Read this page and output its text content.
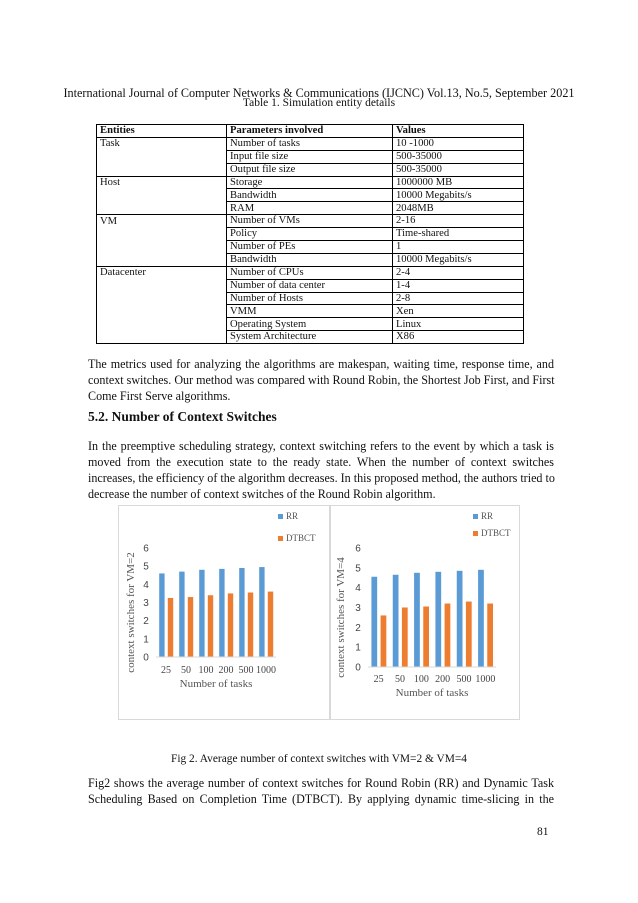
International Journal of Computer Networks & Communications (IJCNC) Vol.13, No.5, September 2021
Table 1. Simulation entity details
Entities	Parameters involved	Values
Task	Number of tasks	10 -1000
	Input file size	500-35000
	Output file size	500-35000
Host	Storage	1000000 MB
	Bandwidth	10000 Megabits/s
	RAM	2048MB
VM	Number of VMs	2-16
	Policy	Time-shared
	Number of PEs	1
	Bandwidth	10000 Megabits/s
Datacenter	Number of CPUs	2-4
	Number of data center	1-4
	Number of Hosts	2-8
	VMM	Xen
	Operating System	Linux
	System Architecture	X86
The metrics used for analyzing the algorithms are makespan, waiting time, response time, and
context switches. Our method was compared with Round Robin, the Shortest Job First, and First
Come First Serve algorithms.
5.2. Number of Context Switches
In the preemptive scheduling strategy, context switching refers to the event by which a task is
moved from the execution state to the ready state. When the number of context switches
increases, the efficiency of the algorithm decreases. In this proposed method, the authors tried to
decrease the number of context switches of the Round Robin algorithm.
0
1
2
3
4
5
6
25 50 100 200 500 1000
RR
DTBCT
Number of tasks
context switches for VM=2	0
1
2
3
4
5
6
25 50 100 200 500 1000
RR
DTBCT
Number of tasks
context switches for VM=4
Fig 2. Average number of context switches with VM=2 & VM=4
Fig2 shows the average number of context switches for Round Robin (RR) and Dynamic Task
Scheduling Based on Completion Time (DTBCT). By applying dynamic time-slicing in the
81
